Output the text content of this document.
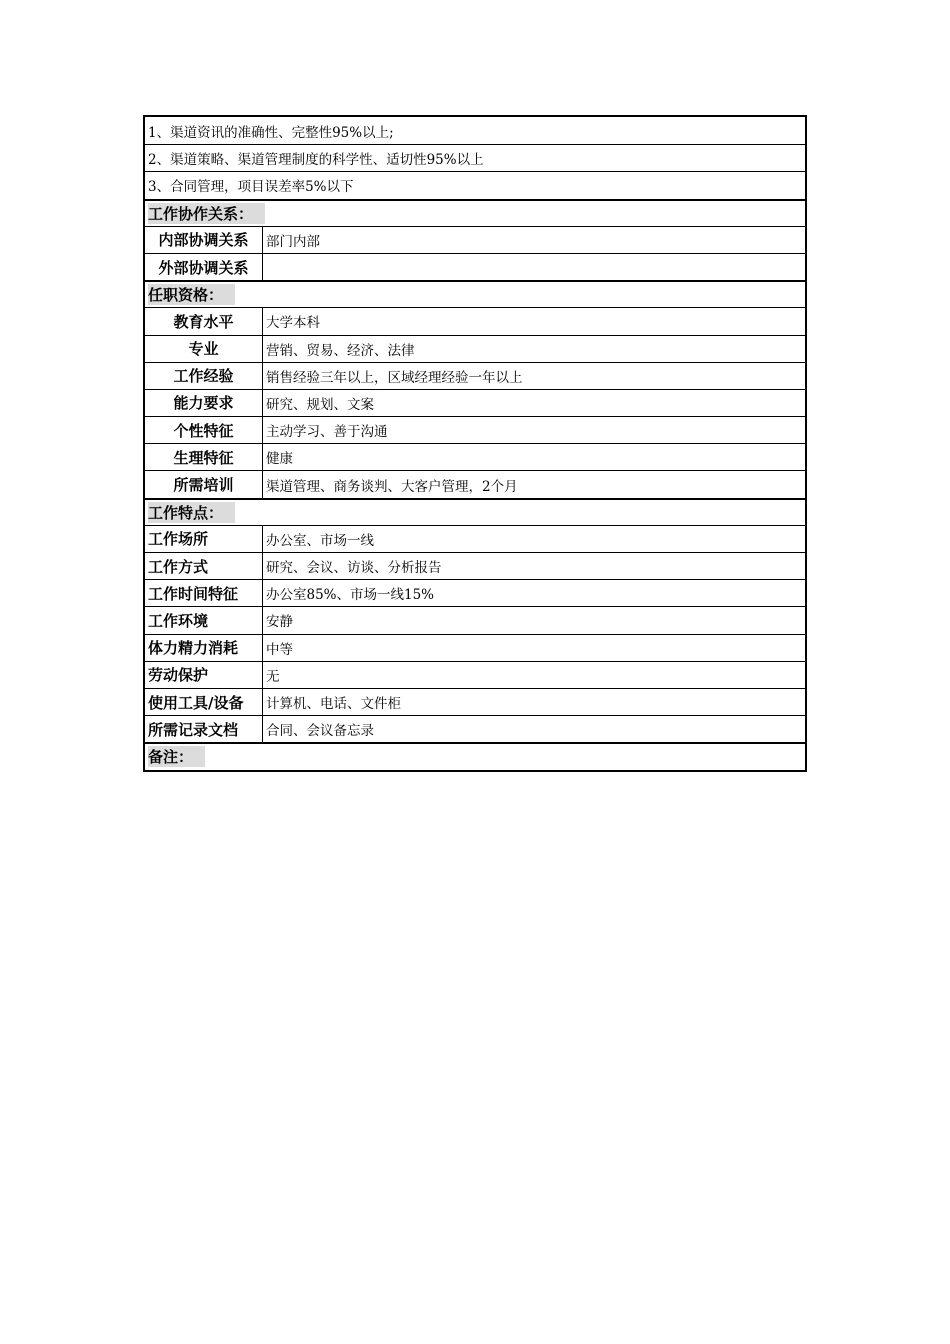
1、渠道资讯的准确性、完整性95%以上;
2、渠道策略、渠道管理制度的科学性、适切性95%以上
3、合同管理，项目误差率5%以下
工作协作关系：
内部协调关系	部门内部
外部协调关系
任职资格：
教育水平	大学本科
专业	营销、贸易、经济、法律
工作经验	销售经验三年以上，区域经理经验一年以上
能力要求	研究、规划、文案
个性特征	主动学习、善于沟通
生理特征	健康
所需培训	渠道管理、商务谈判、大客户管理，2个月
工作特点：
工作场所	办公室、市场一线
工作方式	研究、会议、访谈、分析报告
工作时间特征	办公室85%、市场一线15%
工作环境	安静
体力精力消耗	中等
劳动保护	无
使用工具/设备	计算机、电话、文件柜
所需记录文档	合同、会议备忘录
备注：
